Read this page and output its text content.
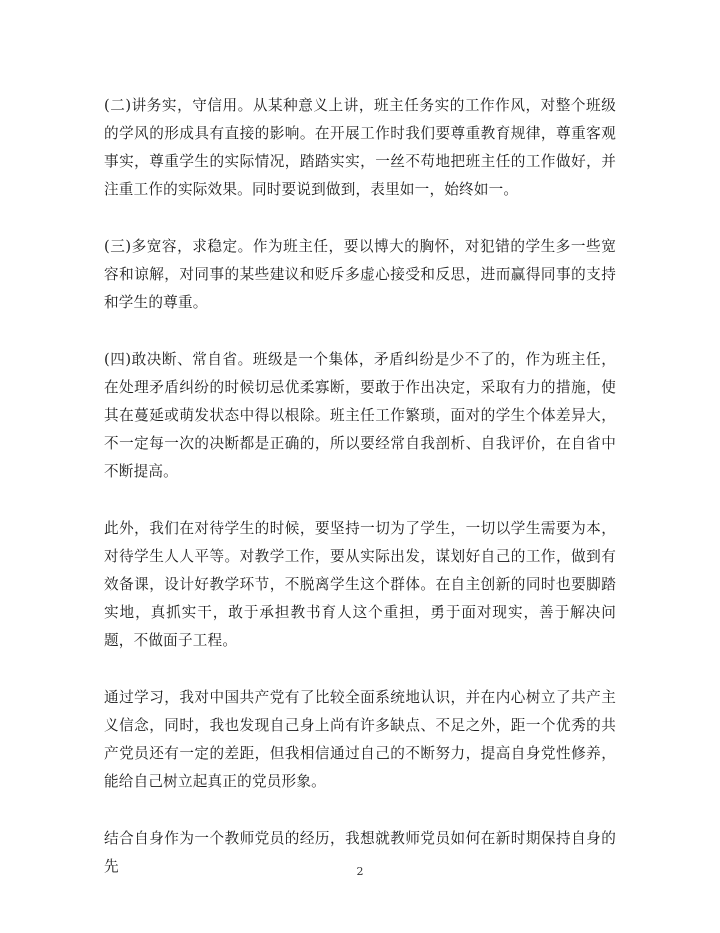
(二)讲务实，守信用。从某种意义上讲，班主任务实的工作作风，对整个班级的学风的形成具有直接的影响。在开展工作时我们要尊重教育规律，尊重客观事实，尊重学生的实际情况，踏踏实实，一丝不苟地把班主任的工作做好，并注重工作的实际效果。同时要说到做到，表里如一，始终如一。

(三)多宽容，求稳定。作为班主任，要以博大的胸怀，对犯错的学生多一些宽容和谅解，对同事的某些建议和贬斥多虚心接受和反思，进而赢得同事的支持和学生的尊重。

(四)敢决断、常自省。班级是一个集体，矛盾纠纷是少不了的，作为班主任，在处理矛盾纠纷的时候切忌优柔寡断，要敢于作出决定，采取有力的措施，使其在蔓延或萌发状态中得以根除。班主任工作繁琐，面对的学生个体差异大，不一定每一次的决断都是正确的，所以要经常自我剖析、自我评价，在自省中不断提高。

此外，我们在对待学生的时候，要坚持一切为了学生，一切以学生需要为本，对待学生人人平等。对教学工作，要从实际出发，谋划好自己的工作，做到有效备课，设计好教学环节，不脱离学生这个群体。在自主创新的同时也要脚踏实地，真抓实干，敢于承担教书育人这个重担，勇于面对现实，善于解决问题，不做面子工程。

通过学习，我对中国共产党有了比较全面系统地认识，并在内心树立了共产主义信念，同时，我也发现自己身上尚有许多缺点、不足之外，距一个优秀的共产党员还有一定的差距，但我相信通过自己的不断努力，提高自身党性修养，能给自己树立起真正的党员形象。

结合自身作为一个教师党员的经历，我想就教师党员如何在新时期保持自身的先	2
